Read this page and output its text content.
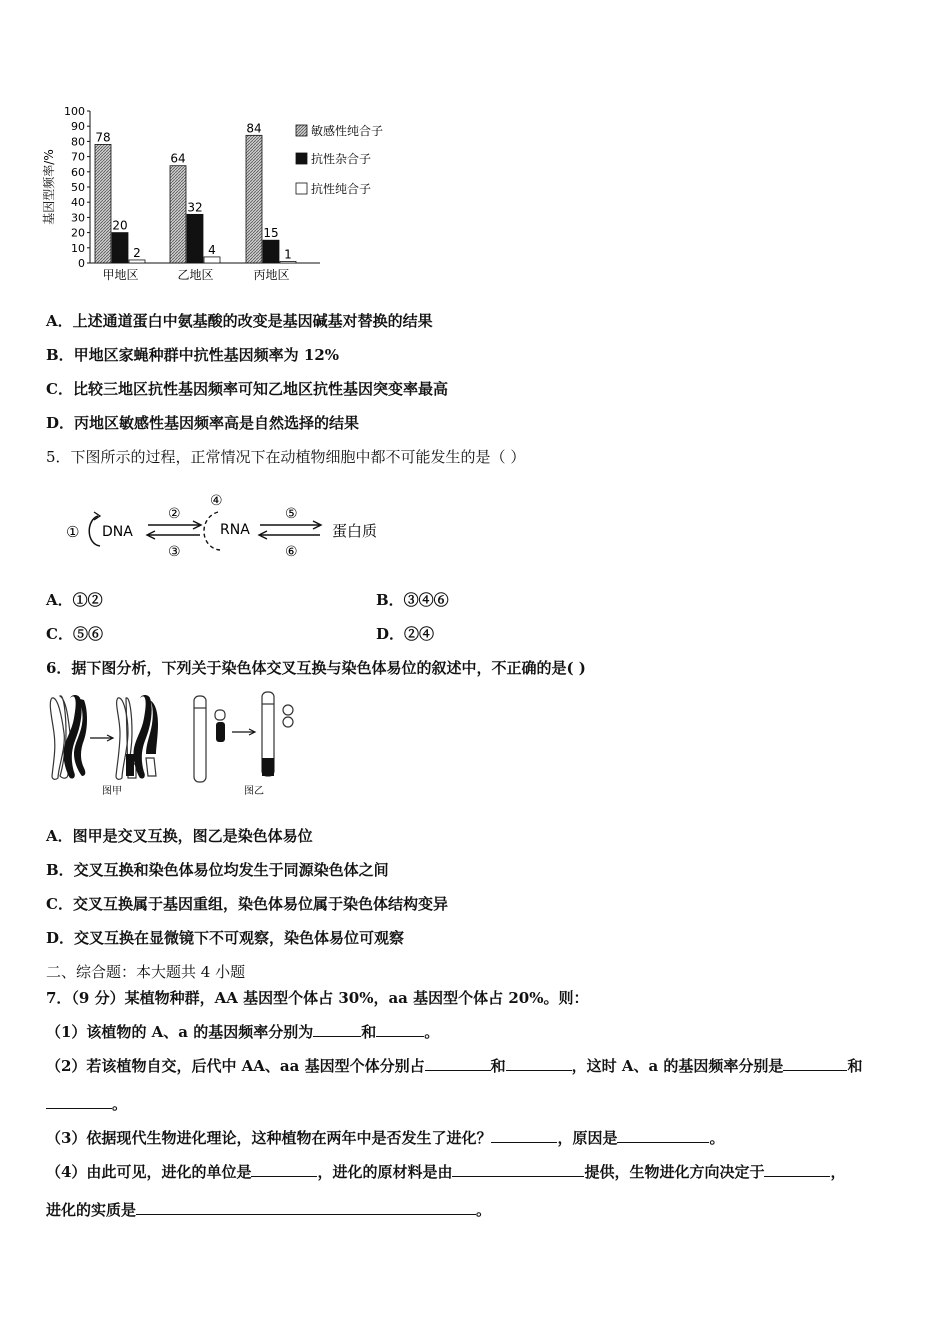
基因型频率/%
0
10
20
30
40
50
60
70
80
90
100
78
20
2
甲地区
64
32
4
乙地区
84
15
1
丙地区
敏感性纯合子
抗性杂合子
抗性纯合子
A．上述通道蛋白中氨基酸的改变是基因碱基对替换的结果
B．甲地区家蝇种群中抗性基因频率为 12%
C．比较三地区抗性基因频率可知乙地区抗性基因突变率最高
D．丙地区敏感性基因频率高是自然选择的结果
5．下图所示的过程，正常情况下在动植物细胞中都不可能发生的是（ ）
① DNA
②
③
④
RNA
⑤
⑥
蛋白质
A．①②	B．③④⑥
C．⑤⑥	D．②④
6．据下图分析，下列关于染色体交叉互换与染色体易位的叙述中，不正确的是( )
图甲	图乙
A．图甲是交叉互换，图乙是染色体易位
B．交叉互换和染色体易位均发生于同源染色体之间
C．交叉互换属于基因重组，染色体易位属于染色体结构变异
D．交叉互换在显微镜下不可观察，染色体易位可观察
二、综合题：本大题共 4 小题
7．（9 分）某植物种群，AA 基因型个体占 30%，aa 基因型个体占 20%。则：
（1）该植物的 A、a 的基因频率分别为	和	。
（2）若该植物自交，后代中 AA、aa 基因型个体分别占	和	，这时 A、a 的基因频率分别是	和
。
（3）依据现代生物进化理论，这种植物在两年中是否发生了进化？	，原因是	。
（4）由此可见，进化的单位是	，进化的原材料是由	提供，生物进化方向决定于	，
进化的实质是	。
